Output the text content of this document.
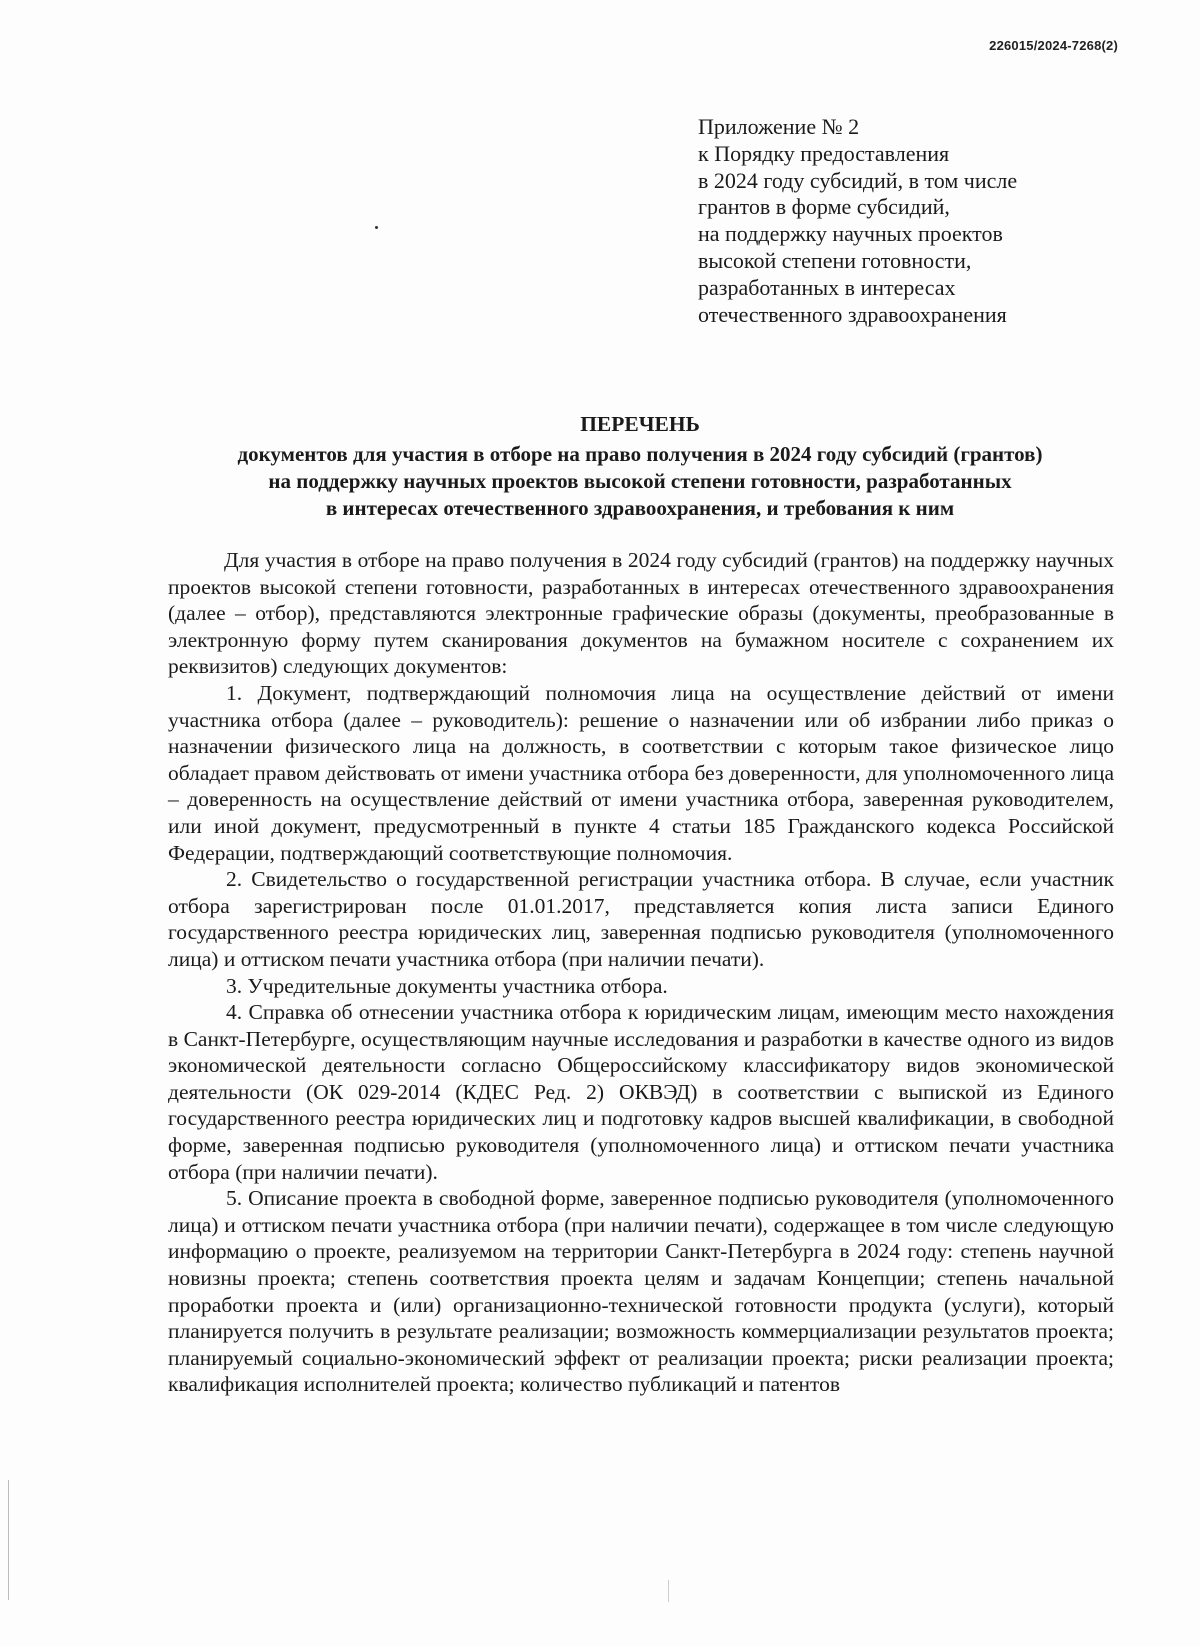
226015/2024-7268(2)
Приложение № 2
к Порядку предоставления
в 2024 году субсидий, в том числе
грантов в форме субсидий,
на поддержку научных проектов
высокой степени готовности,
разработанных в интересах
отечественного здравоохранения
ПЕРЕЧЕНЬ
документов для участия в отборе на право получения в 2024 году субсидий (грантов)
на поддержку научных проектов высокой степени готовности, разработанных
в интересах отечественного здравоохранения, и требования к ним

Для участия в отборе на право получения в 2024 году субсидий (грантов) на поддержку научных проектов высокой степени готовности, разработанных в интересах отечественного здравоохранения (далее – отбор), представляются электронные графические образы (документы, преобразованные в электронную форму путем сканирования документов на бумажном носителе с сохранением их реквизитов) следующих документов:

1. Документ, подтверждающий полномочия лица на осуществление действий от имени участника отбора (далее – руководитель): решение о назначении или об избрании либо приказ о назначении физического лица на должность, в соответствии с которым такое физическое лицо обладает правом действовать от имени участника отбора без доверенности, для уполномоченного лица – доверенность на осуществление действий от имени участника отбора, заверенная руководителем, или иной документ, предусмотренный в пункте 4 статьи 185 Гражданского кодекса Российской Федерации, подтверждающий соответствующие полномочия.

2. Свидетельство о государственной регистрации участника отбора. В случае, если участник отбора зарегистрирован после 01.01.2017, представляется копия листа записи Единого государственного реестра юридических лиц, заверенная подписью руководителя (уполномоченного лица) и оттиском печати участника отбора (при наличии печати).

3. Учредительные документы участника отбора.

4. Справка об отнесении участника отбора к юридическим лицам, имеющим место нахождения в Санкт-Петербурге, осуществляющим научные исследования и разработки в качестве одного из видов экономической деятельности согласно Общероссийскому классификатору видов экономической деятельности (ОК 029-2014 (КДЕС Ред. 2) ОКВЭД) в соответствии с выпиской из Единого государственного реестра юридических лиц и подготовку кадров высшей квалификации, в свободной форме, заверенная подписью руководителя (уполномоченного лица) и оттиском печати участника отбора (при наличии печати).

5. Описание проекта в свободной форме, заверенное подписью руководителя (уполномоченного лица) и оттиском печати участника отбора (при наличии печати), содержащее в том числе следующую информацию о проекте, реализуемом на территории Санкт-Петербурга в 2024 году: степень научной новизны проекта; степень соответствия проекта целям и задачам Концепции; степень начальной проработки проекта и (или) организационно-технической готовности продукта (услуги), который планируется получить в результате реализации; возможность коммерциализации результатов проекта; планируемый социально-экономический эффект от реализации проекта; риски реализации проекта; квалификация исполнителей проекта; количество публикаций и патентов
